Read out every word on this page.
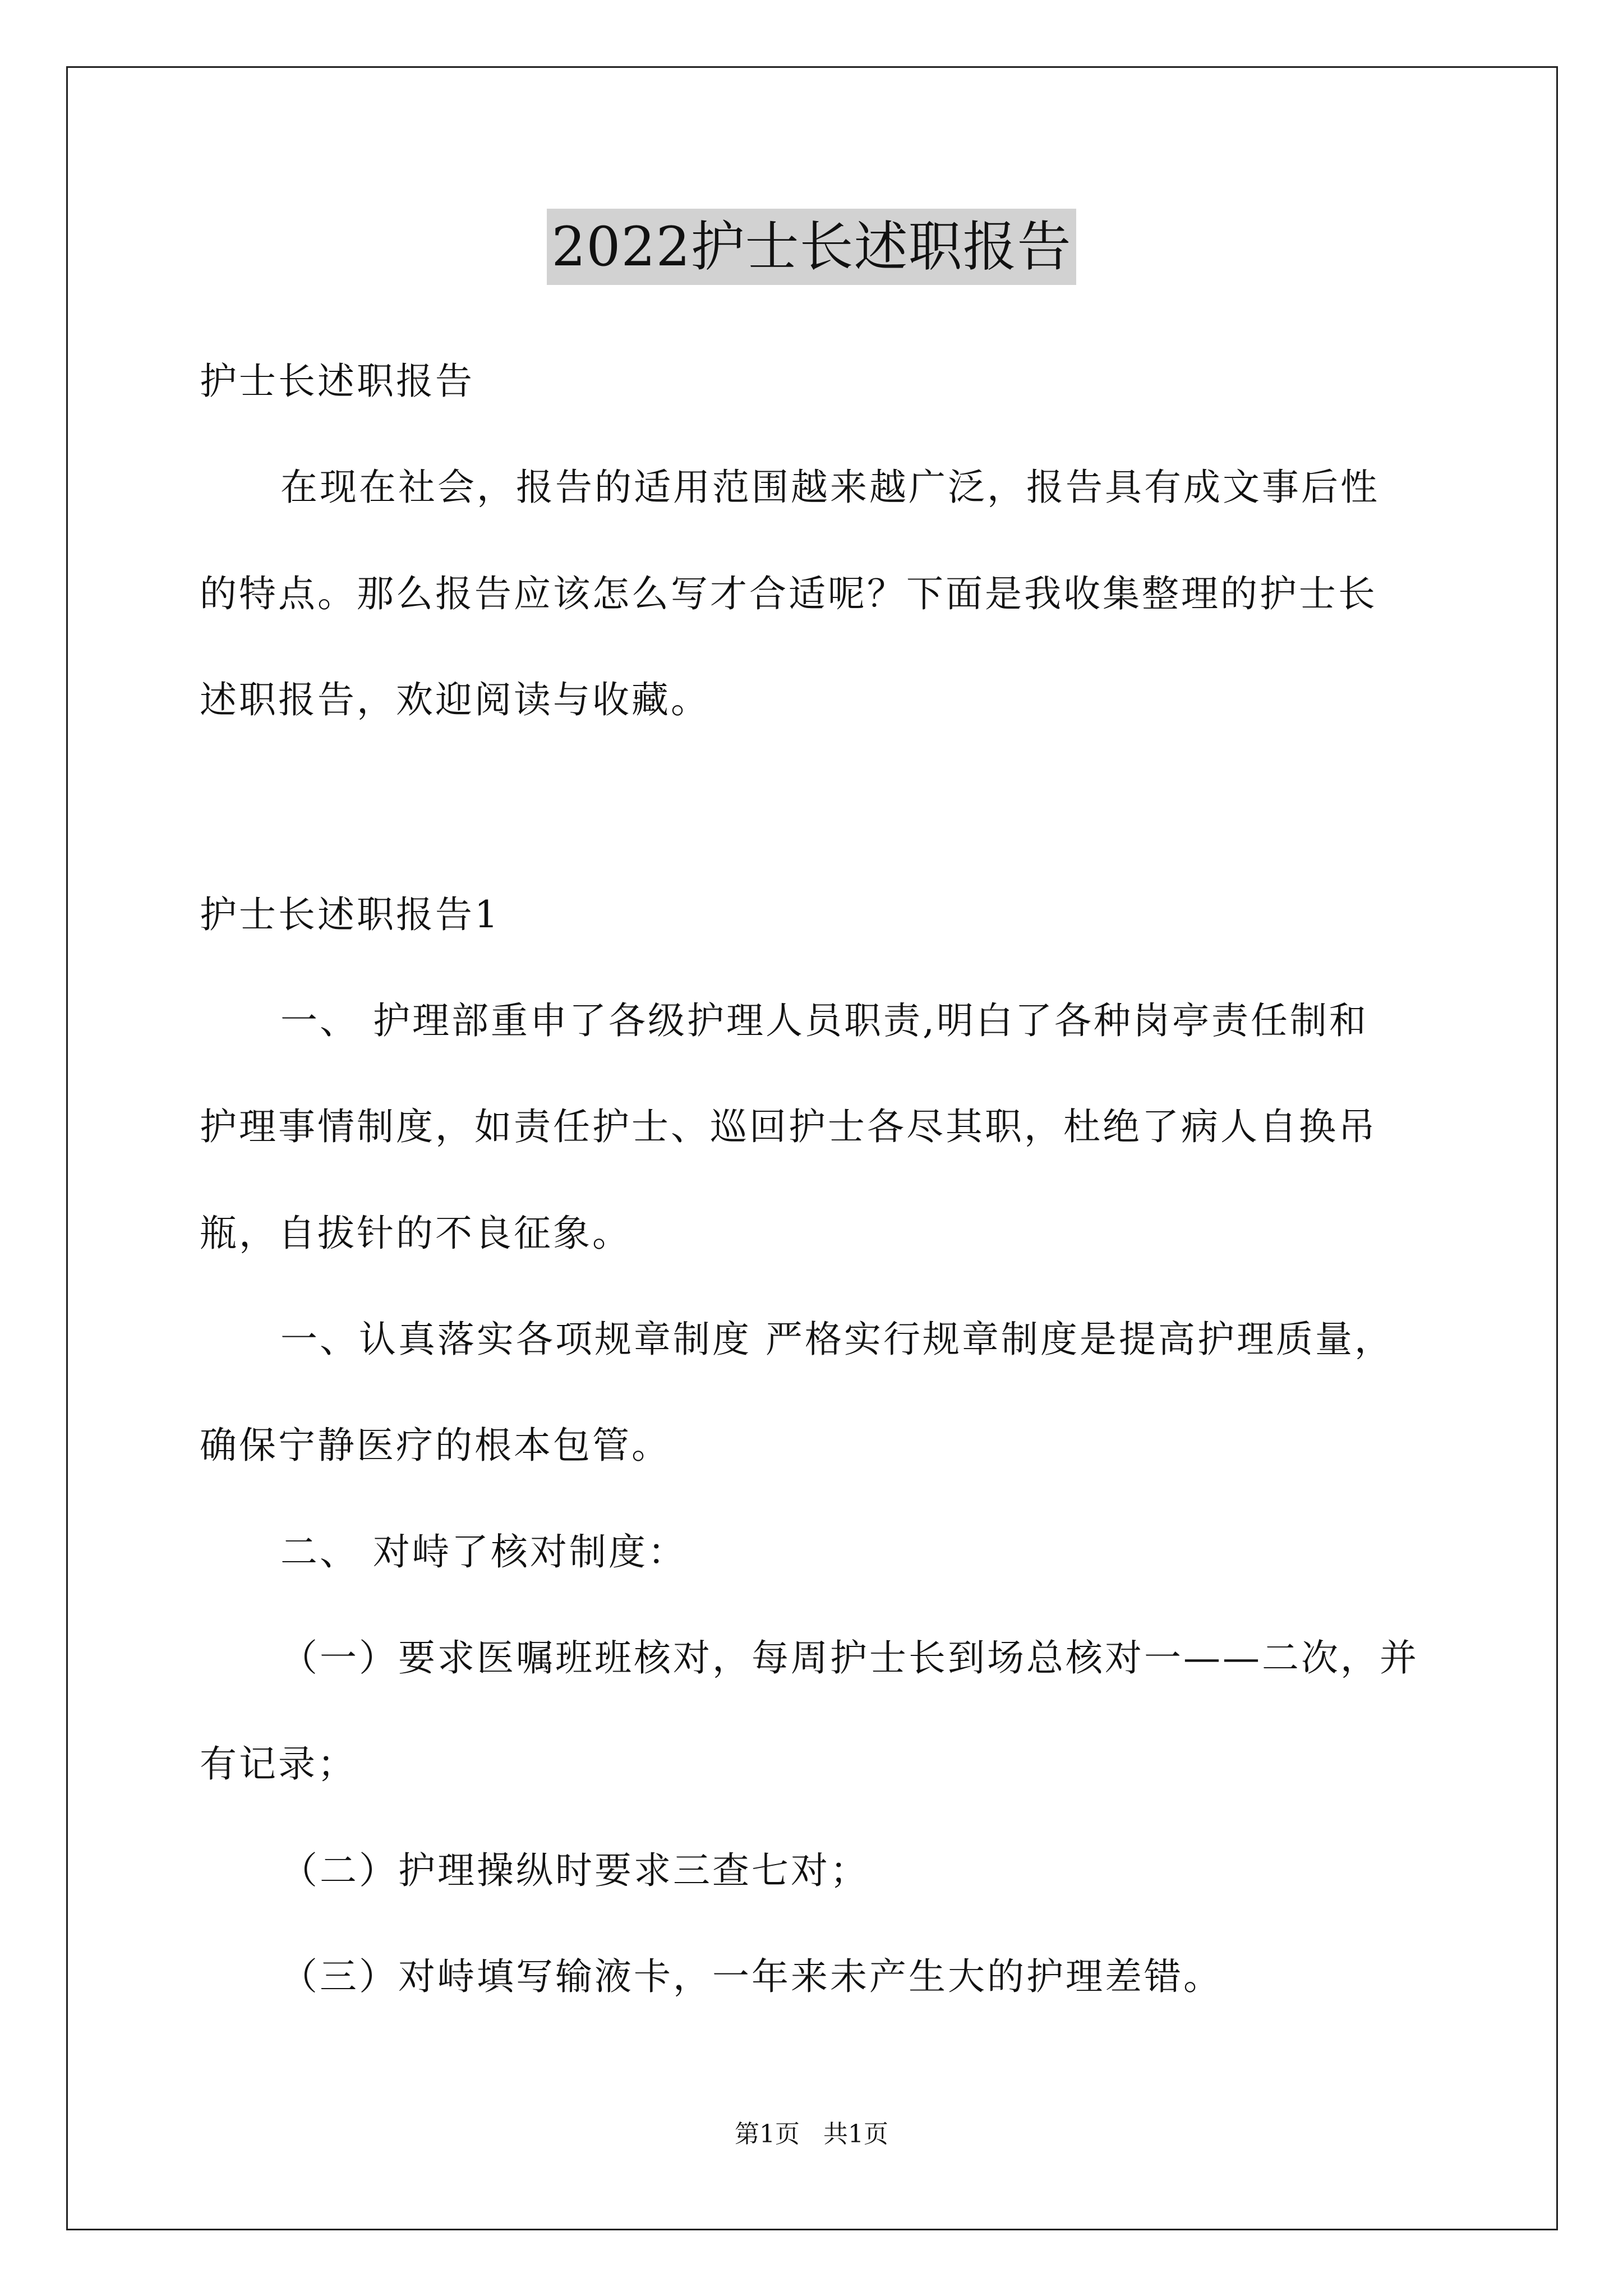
2022护士长述职报告
护士长述职报告
在现在社会，报告的适用范围越来越广泛，报告具有成文事后性
的特点。那么报告应该怎么写才合适呢？下面是我收集整理的护士长
述职报告，欢迎阅读与收藏。
护士长述职报告1
一、 护理部重申了各级护理人员职责,明白了各种岗亭责任制和
护理事情制度，如责任护士、巡回护士各尽其职，杜绝了病人自换吊
瓶，自拔针的不良征象。
一、认真落实各项规章制度 严格实行规章制度是提高护理质量，
确保宁静医疗的根本包管。
二、 对峙了核对制度：
（一）要求医嘱班班核对，每周护士长到场总核对一——二次，并
有记录；
（二）护理操纵时要求三查七对；
（三）对峙填写输液卡，一年来未产生大的护理差错。
第1页   共1页
